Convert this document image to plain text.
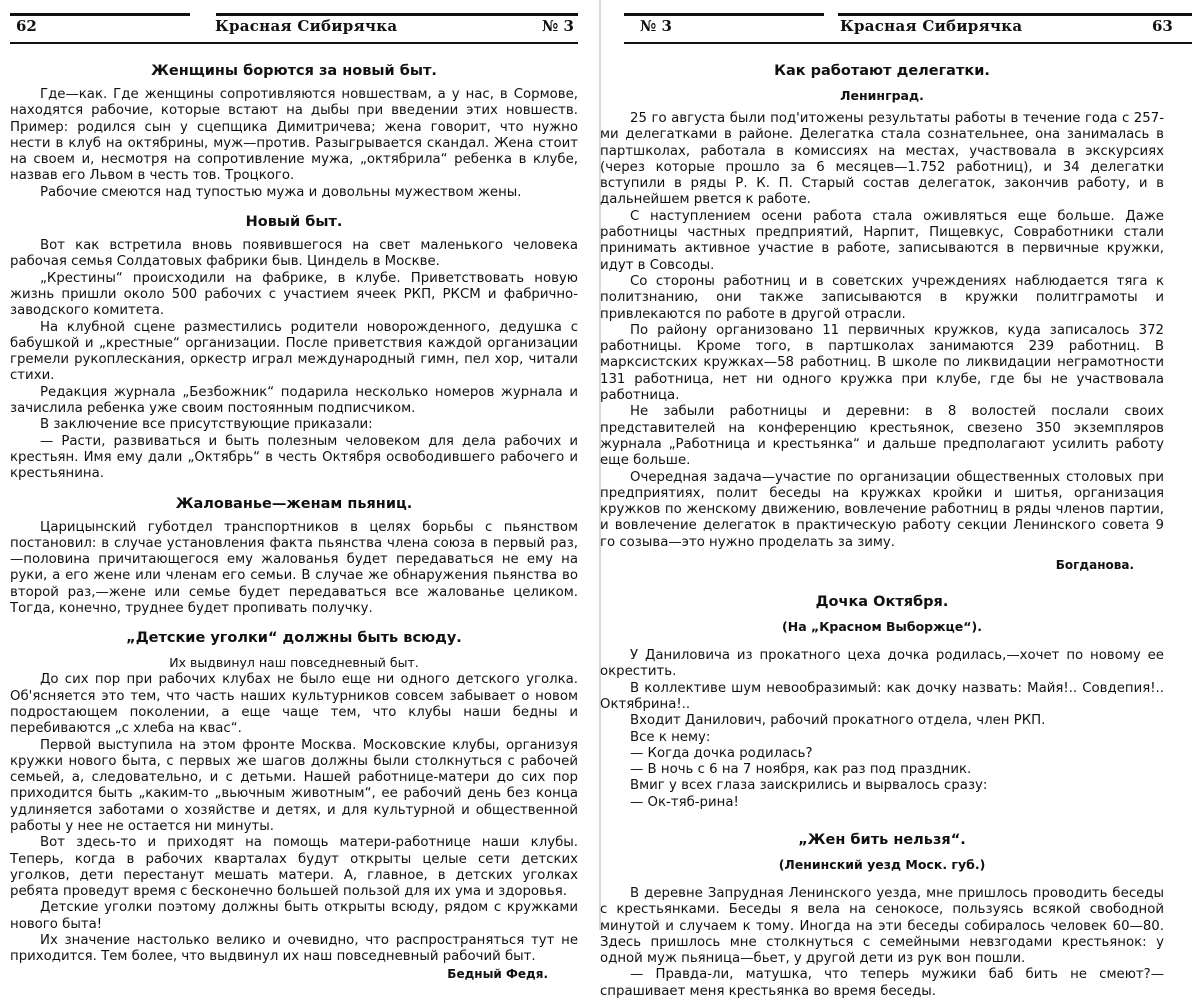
62	Красная Сибирячка	№ 3
Женщины борются за новый быт.

Где—как. Где женщины сопротивляются новшествам, а у нас, в Сормове, находятся рабочие, которые встают на дыбы при введении этих новшеств. Пример: родился сын у сцепщика Димитричева; жена говорит, что нужно нести в клуб на октябрины, муж—против. Разыгрывается скандал. Жена стоит на своем и, несмотря на сопротивление мужа, „октябрила“ ребенка в клубе, назвав его Львом в честь тов. Троцкого.

Рабочие смеются над тупостью мужа и довольны мужеством жены.

Новый быт.

Вот как встретила вновь появившегося на свет маленького человека рабочая семья Солдатовых фабрики быв. Циндель в Москве.

„Крестины“ происходили на фабрике, в клубе. Приветствовать новую жизнь пришли около 500 рабочих с участием ячеек РКП, РКСМ и фабрично-заводского комитета.

На клубной сцене разместились родители новорожденного, дедушка с бабушкой и „крестные“ организации. После приветствия каждой организации гремели рукоплескания, оркестр играл международный гимн, пел хор, читали стихи.

Редакция журнала „Безбожник“ подарила несколько номеров журнала и зачислила ребенка уже своим постоянным подписчиком.

В заключение все присутствующие приказали:

— Расти, развиваться и быть полезным человеком для дела рабочих и крестьян. Имя ему дали „Октябрь“ в честь Октября освободившего рабочего и крестьянина.

Жалованье—женам пьяниц.

Царицынский губотдел транспортников в целях борьбы с пьянством постановил: в случае установления факта пьянства члена союза в первый раз,—половина причитающегося ему жалованья будет передаваться не ему на руки, а его жене или членам его семьи. В случае же обнаружения пьянства во второй раз,—жене или семье будет передаваться все жалованье целиком. Тогда, конечно, труднее будет пропивать получку.

„Детские уголки“ должны быть всюду.
Их выдвинул наш повседневный быт.

До сих пор при рабочих клубах не было еще ни одного детского уголка. Об'ясняется это тем, что часть наших культурников совсем забывает о новом подростающем поколении, а еще чаще тем, что клубы наши бедны и перебиваются „с хлеба на квас“.

Первой выступила на этом фронте Москва. Московские клубы, организуя кружки нового быта, с первых же шагов должны были столкнуться с рабочей семьей, а, следовательно, и с детьми. Нашей работнице-матери до сих пор приходится быть „каким-то „вьючным животным“, ее рабочий день без конца удлиняется заботами о хозяйстве и детях, и для культурной и общественной работы у нее не остается ни минуты.

Вот здесь-то и приходят на помощь матери-работнице наши клубы. Теперь, когда в рабочих кварталах будут открыты целые сети детских уголков, дети перестанут мешать матери. А, главное, в детских уголках ребята проведут время с бесконечно большей пользой для их ума и здоровья.

Детские уголки поэтому должны быть открыты всюду, рядом с кружками нового быта!

Их значение настолько велико и очевидно, что распространяться тут не приходится. Тем более, что выдвинул их наш повседневный рабочий быт.

Бедный Федя.
№ 3	Красная Сибирячка	63
Как работают делегатки.
Ленинград.

25 го августа были под'итожены результаты работы в течение года с 257-ми делегатками в районе. Делегатка стала сознательнее, она занималась в партшколах, работала в комиссиях на местах, участвовала в экскурсиях (через которые прошло за 6 месяцев—1.752 работниц), и 34 делегатки вступили в ряды Р. К. П. Старый состав делегаток, закончив работу, и в дальнейшем рвется к работе.

С наступлением осени работа стала оживляться еще больше. Даже работницы частных предприятий, Нарпит, Пищевкус, Совработники стали принимать активное участие в работе, записываются в первичные кружки, идут в Совсоды.

Со стороны работниц и в советских учреждениях наблюдается тяга к политзнанию, они также записываются в кружки политграмоты и привлекаются по работе в другой отрасли.

По району организовано 11 первичных кружков, куда записалось 372 работницы. Кроме того, в партшколах занимаются 239 работниц. В марксистских кружках—58 работниц. В школе по ликвидации неграмотности 131 работница, нет ни одного кружка при клубе, где бы не участвовала работница.

Не забыли работницы и деревни: в 8 волостей послали своих представителей на конференцию крестьянок, свезено 350 экземпляров журнала „Работница и крестьянка“ и дальше предполагают усилить работу еще больше.

Очередная задача—участие по организации общественных столовых при предприятиях, полит беседы на кружках кройки и шитья, организация кружков по женскому движению, вовлечение работниц в ряды членов партии, и вовлечение делегаток в практическую работу секции Ленинского совета 9 го созыва—это нужно проделать за зиму.

Богданова.
Дочка Октября.
(На „Красном Выборжце“).

У Даниловича из прокатного цеха дочка родилась,—хочет по новому ее окрестить.

В коллективе шум невообразимый: как дочку назвать: Майя!.. Совдепия!.. Октябрина!..

Входит Данилович, рабочий прокатного отдела, член РКП.

Все к нему:

— Когда дочка родилась?

— В ночь с 6 на 7 ноября, как раз под праздник.

Вмиг у всех глаза заискрились и вырвалось сразу:

— Ок-тяб-рина!

„Жен бить нельзя“.
(Ленинский уезд Моск. губ.)

В деревне Запрудная Ленинского уезда, мне пришлось проводить беседы с крестьянками. Беседы я вела на сенокосе, пользуясь всякой свободной минутой и случаем к тому. Иногда на эти беседы собиралось человек 60—80. Здесь пришлось мне столкнуться с семейными невзгодами крестьянок: у одной муж пьяница—бьет, у другой дети из рук вон пошли.

— Правда-ли, матушка, что теперь мужики баб бить не смеют?—спрашивает меня крестьянка во время беседы.
